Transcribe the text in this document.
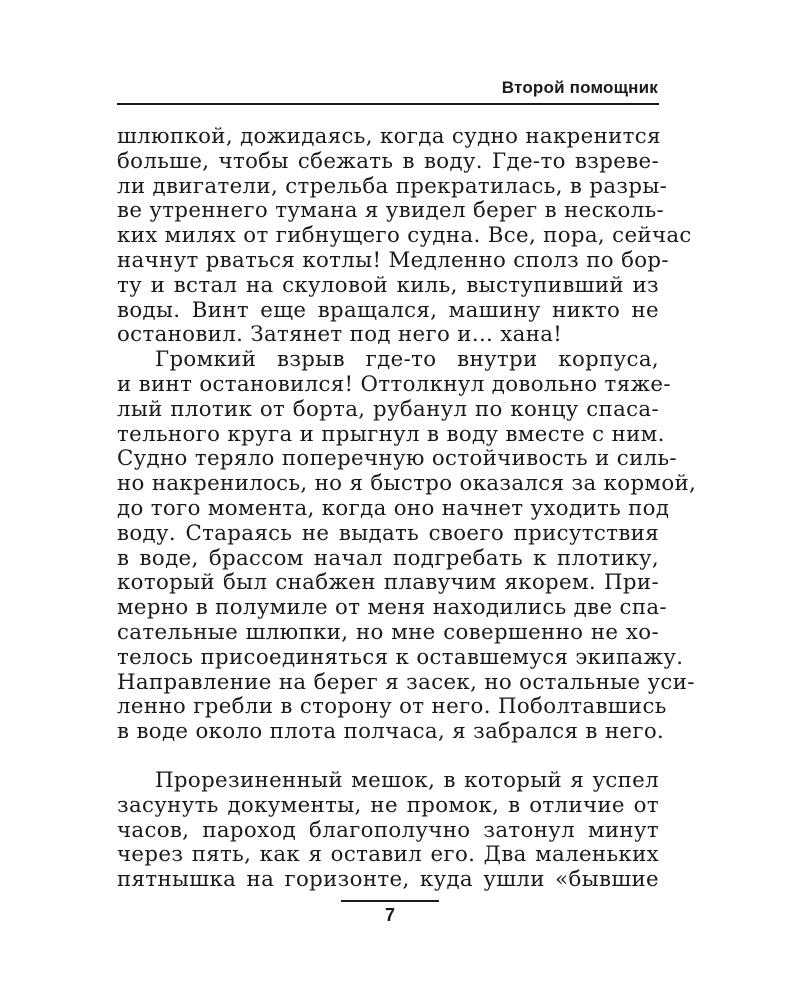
Второй помощник
шлюпкой, дожидаясь, когда судно накренится
больше, чтобы сбежать в воду. Где-то взреве-
ли двигатели, стрельба прекратилась, в разры-
ве утреннего тумана я увидел берег в несколь-
ких милях от гибнущего судна. Все, пора, сейчас
начнут рваться котлы! Медленно сполз по бор-
ту и встал на скуловой киль, выступивший из
воды. Винт еще вращался, машину никто не
остановил. Затянет под него и... хана!
Громкий взрыв где-то внутри корпуса,
и винт остановился! Оттолкнул довольно тяже-
лый плотик от борта, рубанул по концу спаса-
тельного круга и прыгнул в воду вместе с ним.
Судно теряло поперечную остойчивость и силь-
но накренилось, но я быстро оказался за кормой,
до того момента, когда оно начнет уходить под
воду. Стараясь не выдать своего присутствия
в воде, брассом начал подгребать к плотику,
который был снабжен плавучим якорем. При-
мерно в полумиле от меня находились две спа-
сательные шлюпки, но мне совершенно не хо-
телось присоединяться к оставшемуся экипажу.
Направление на берег я засек, но остальные уси-
ленно гребли в сторону от него. Поболтавшись
в воде около плота полчаса, я забрался в него.
Прорезиненный мешок, в который я успел
засунуть документы, не промок, в отличие от
часов, пароход благополучно затонул минут
через пять, как я оставил его. Два маленьких
пятнышка на горизонте, куда ушли «бывшие
7
